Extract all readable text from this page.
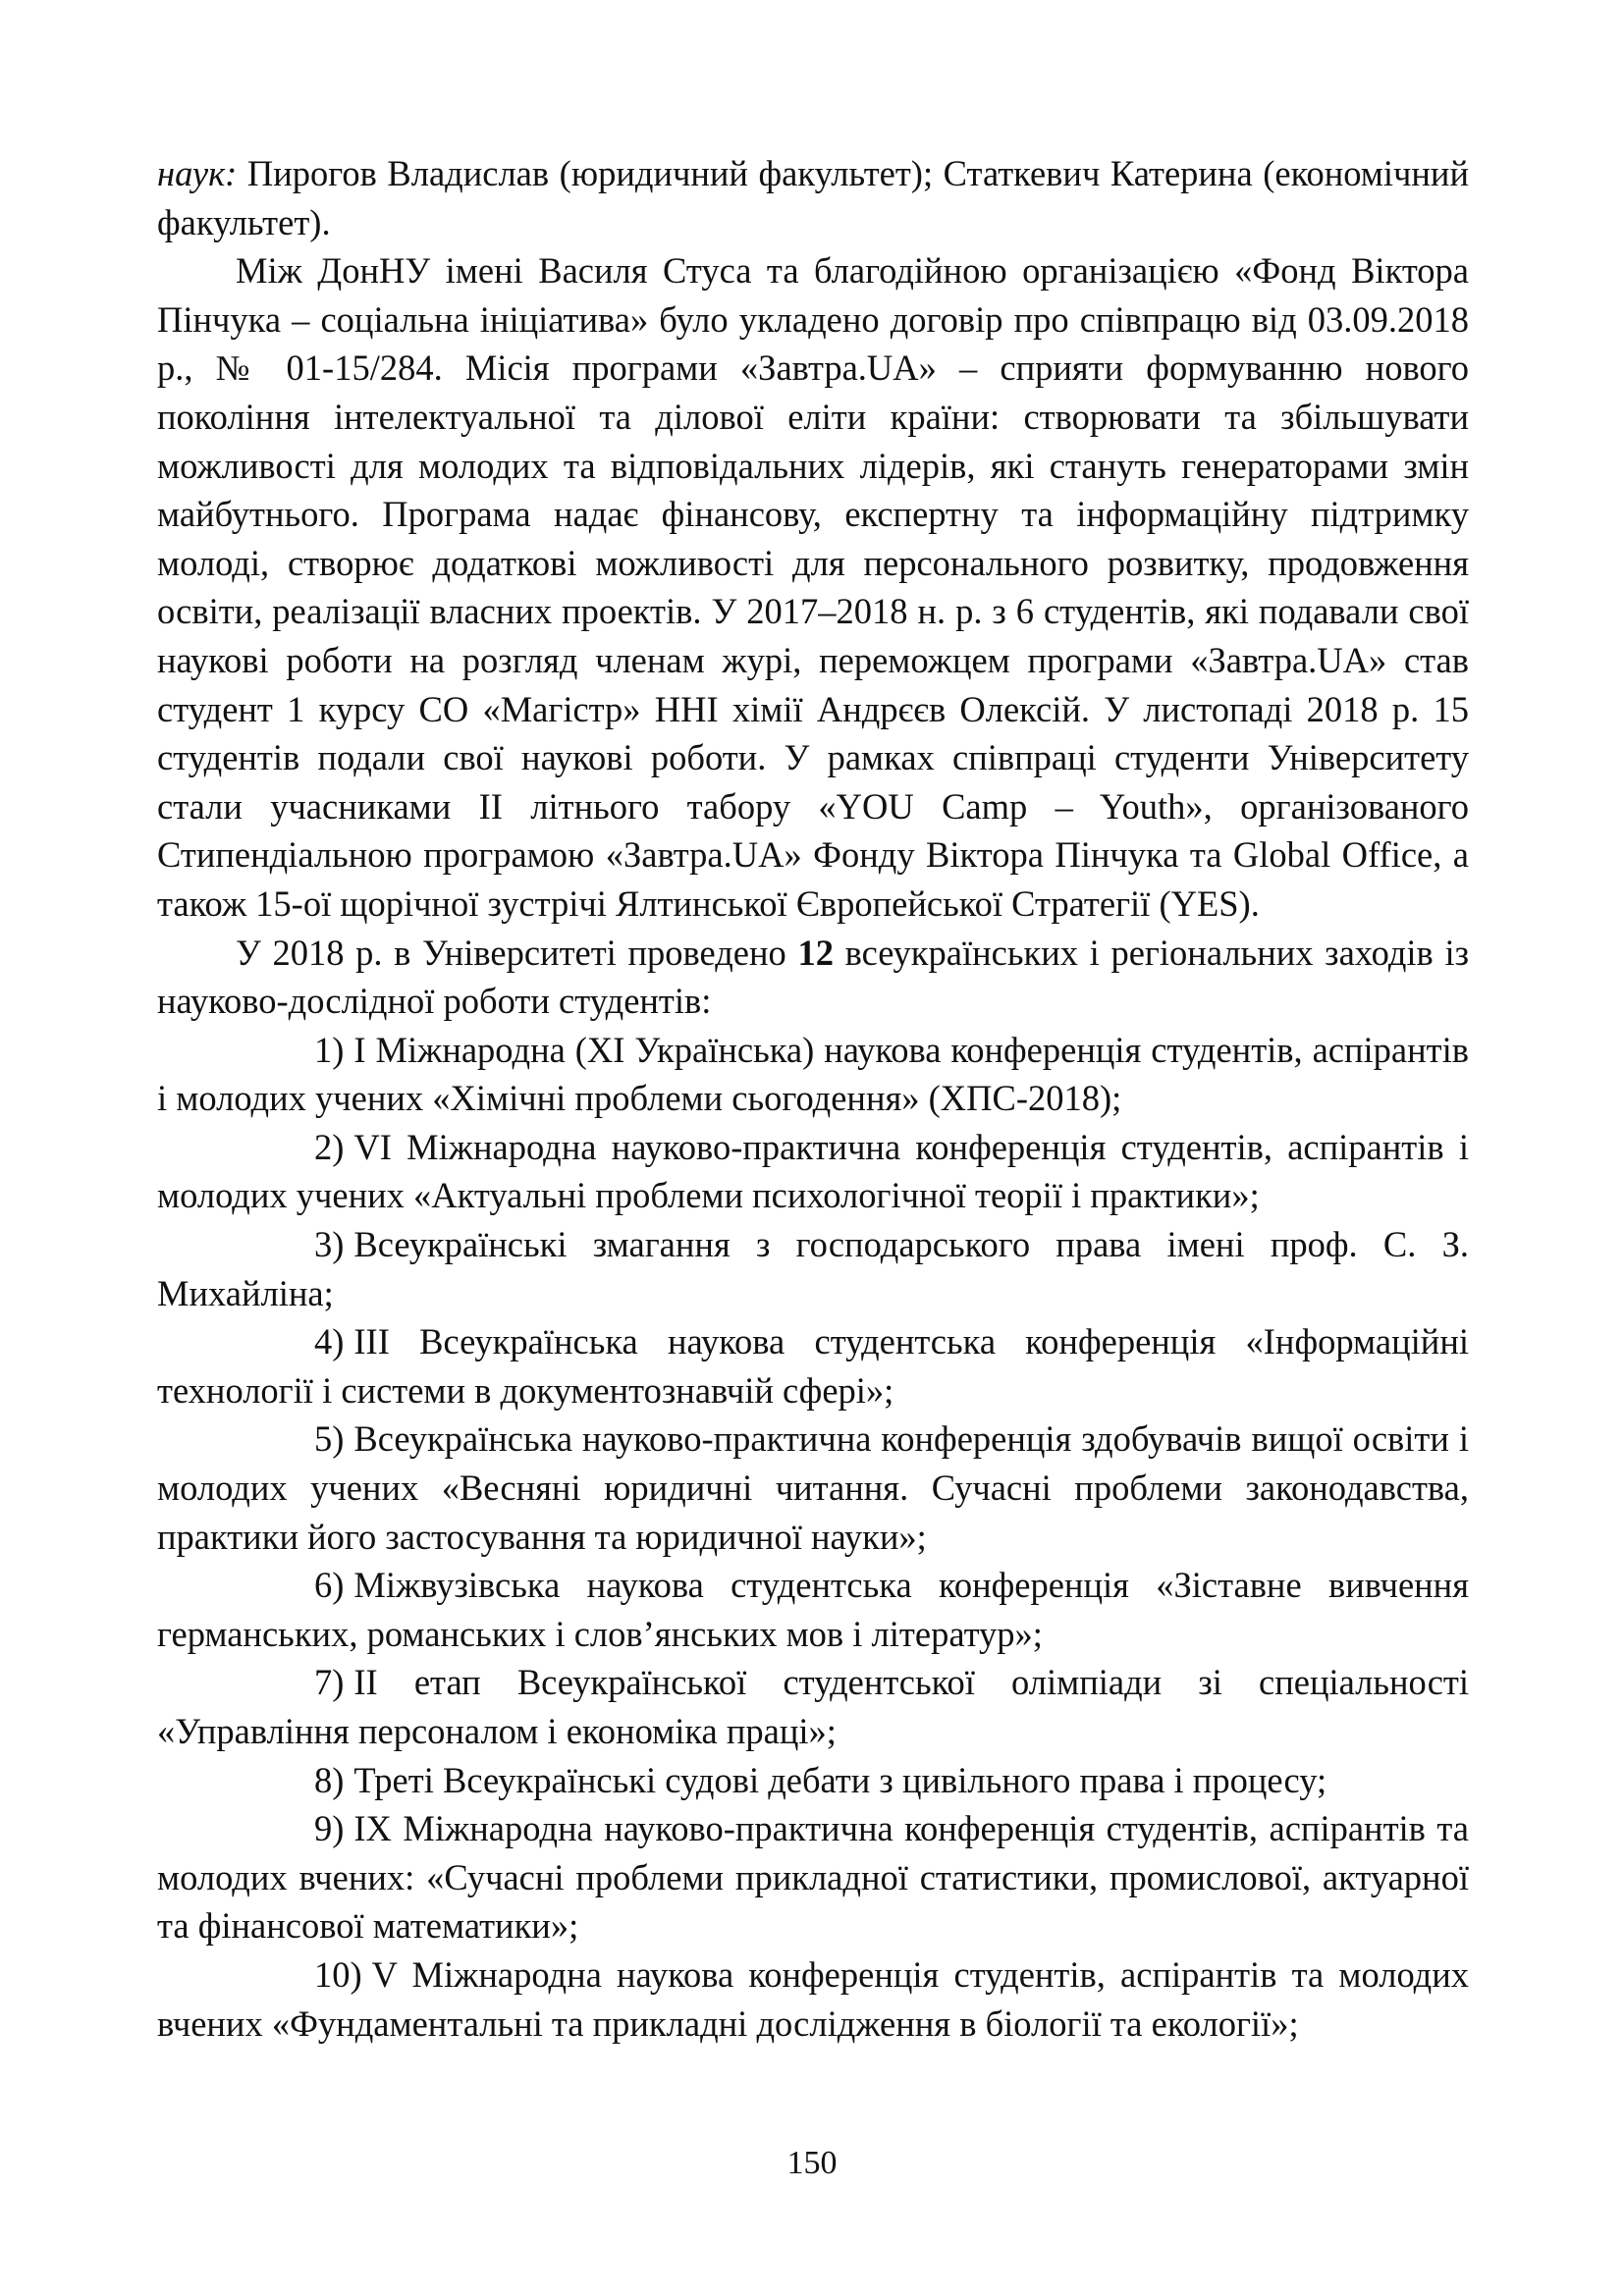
наук: Пирогов Владислав (юридичний факультет); Статкевич Катерина (економічний факультет).

Між ДонНУ імені Василя Стуса та благодійною організацією «Фонд Віктора Пінчука – соціальна ініціатива» було укладено договір про співпрацю від 03.09.2018 р., № 01-15/284. Місія програми «Завтра.UA» – сприяти формуванню нового покоління інтелектуальної та ділової еліти країни: створювати та збільшувати можливості для молодих та відповідальних лідерів, які стануть генераторами змін майбутнього. Програма надає фінансову, експертну та інформаційну підтримку молоді, створює додаткові можливості для персонального розвитку, продовження освіти, реалізації власних проектів. У 2017–2018 н. р. з 6 студентів, які подавали свої наукові роботи на розгляд членам журі, переможцем програми «Завтра.UA» став студент 1 курсу СО «Магістр» ННІ хімії Андрєєв Олексій. У листопаді 2018 р. 15 студентів подали свої наукові роботи. У рамках співпраці студенти Університету стали учасниками ІІ літнього табору «YOU Camp – Youth», організованого Стипендіальною програмою «Завтра.UA» Фонду Віктора Пінчука та Global Office, а також 15-ої щорічної зустрічі Ялтинської Європейської Стратегії (YES).

У 2018 р. в Університеті проведено 12 всеукраїнських і регіональних заходів із науково-дослідної роботи студентів:

1) І Міжнародна (ХІ Українська) наукова конференція студентів, аспірантів і молодих учених «Хімічні проблеми сьогодення» (ХПС-2018);

2) VI Міжнародна науково-практична конференція студентів, аспірантів і молодих учених «Актуальні проблеми психологічної теорії і практики»;

3) Всеукраїнські змагання з господарського права імені проф. С. З. Михайліна;

4) ІІІ Всеукраїнська наукова студентська конференція «Інформаційні технології і системи в документознавчій сфері»;

5) Всеукраїнська науково-практична конференція здобувачів вищої освіти і молодих учених «Весняні юридичні читання. Сучасні проблеми законодавства, практики його застосування та юридичної науки»;

6) Міжвузівська наукова студентська конференція «Зіставне вивчення германських, романських і слов’янських мов і літератур»;

7) ІІ етап Всеукраїнської студентської олімпіади зі спеціальності «Управління персоналом і економіка праці»;

8) Треті Всеукраїнські судові дебати з цивільного права і процесу;

9) IX Міжнародна науково-практична конференція студентів, аспірантів та молодих вчених: «Сучасні проблеми прикладної статистики, промислової, актуарної та фінансової математики»;

10) V Міжнародна наукова конференція студентів, аспірантів та молодих вчених «Фундаментальні та прикладні дослідження в біології та екології»;

150
